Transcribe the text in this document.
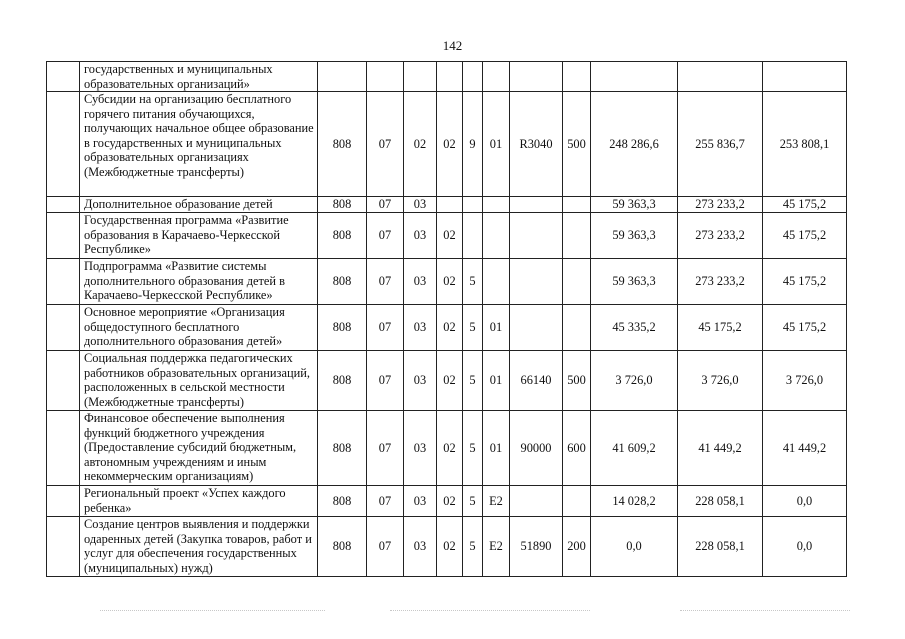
142
	государственных и муниципальных образовательных организаций»											
	Субсидии на организацию бесплатного горячего питания обучающихся, получающих начальное общее образование в государственных и муниципальных образовательных организациях (Межбюджетные трансферты)	808	07	02	02	9	01	R3040	500	248 286,6	255 836,7	253 808,1
	Дополнительное образование детей	808	07	03						59 363,3	273 233,2	45 175,2
	Государственная программа «Развитие образования в Карачаево-Черкесской Республике»	808	07	03	02					59 363,3	273 233,2	45 175,2
	Подпрограмма «Развитие системы дополнительного образования детей в Карачаево-Черкесской Республике»	808	07	03	02	5				59 363,3	273 233,2	45 175,2
	Основное мероприятие «Организация общедоступного бесплатного дополнительного образования детей»	808	07	03	02	5	01			45 335,2	45 175,2	45 175,2
	Социальная поддержка педагогических работников образовательных организаций, расположенных в сельской местности (Межбюджетные трансферты)	808	07	03	02	5	01	66140	500	3 726,0	3 726,0	3 726,0
	Финансовое обеспечение выполнения функций бюджетного учреждения (Предоставление субсидий бюджетным, автономным учреждениям и иным некоммерческим организациям)	808	07	03	02	5	01	90000	600	41 609,2	41 449,2	41 449,2
	Региональный проект «Успех каждого ребенка»	808	07	03	02	5	E2			14 028,2	228 058,1	0,0
	Создание центров выявления и поддержки одаренных детей (Закупка товаров, работ и услуг для обеспечения государственных (муниципальных) нужд)	808	07	03	02	5	E2	51890	200	0,0	228 058,1	0,0
